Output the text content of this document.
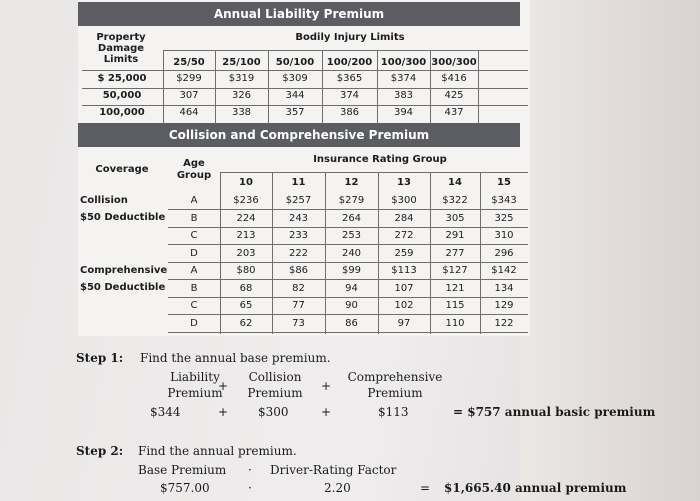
Annual Liability Premium
Collision and Comprehensive Premium
Property
Damage
Limits
Bodily Injury Limits
25/50	25/100	50/100	100/200 100/300 300/300
$ 25,000	$299	$319	$309	$365	$374	$416
50,000	307	326	344	374	383	425
100,000	464	338	357	386	394	437
Coverage
Age
Group
Insurance Rating Group
10	11	12	13	14	15
Collision
$50 Deductible
A	$236	$257	$279	$300	$322	$343
B	224	243	264	284	305	325
C	213	233	253	272	291	310
D	203	222	240	259	277	296
Comprehensive
$50 Deductible
A	$80	$86	$99	$113	$127	$142
B	68	82	94	107	121	134
C	65	77	90	102	115	129
D	62	73	86	97	110	122
Step 1: Find the annual base premium.
Liability
Premium
+
Collision
Premium	+
Comprehensive
Premium
$344	+ $300	+	$113	= $757 annual basic premium
Step 2: Find the annual premium.
Base Premium · Driver-Rating Factor
$757.00	·	2.20	= $1,665.40 annual premium
